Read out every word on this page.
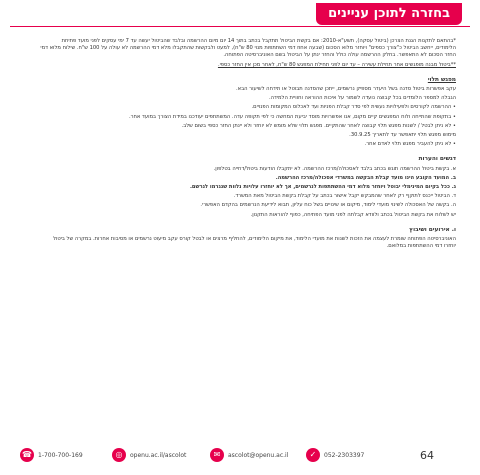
בחזרה לתוכן עניינים

*בהתאם לתקנות הגנת הצרכן (ביטול עסקה), תשע"א-2010: אם בקשת הביטול תתקבל בכתב בתוך 14 יום מיום ההרשמה ובלבד שהביטול יעשה עד 7 ימי עסקים לפני מועד פתיחת הלימודים, ייחשב הביטול כ"צורך כספים" ויוחזר מלוא הסכום (שבעה אחוז דמי השתתפות מנוי 80 ש"ח), למעט ולבקשות שהתקבלו מלא דמי ההרשמה לא עולה על 100 ש"ח. שילוח מלוא דמי החזר הסכום לא התאפשר. בחלק ההרשמה עולה כולל והחזר ינתן על הביטול בשם האוניברסיטה הפתוחה.

**ביטול מבנה מופגשים אחר תחילת עשירה – עד יום לפני תחילת המפגש 80 ש"ח, לאחר מכן אין החזר כספי.

מפגש תלוי

עקב אפשרות ביטול סדנה בשל היעדר מספיק נרשמים, ייתכן שהסדנה תבוטל או תידחה לשיעור הבא.

הגבלה למספר הלומדים בכל קבוצה נועדה לשמור על איכות ההוראה וחוויית הלמידה.

• ההרשמה לקורסים ולפעילויות נעשית לפי סדר קבלת הפניות ועד לאכלוס המקומות הפנויים.

• בתקופת שהתייחה ולוח המפגשים קיים מקום, אנו אפשרויות מוסד יביעת המחשה כי לפי תקופה עדה. המשתתפים יעודכנו במידת הצורך במועד אחר.

• לא ניתן לבטל / לשנות מפגש תלוי קבוצה לאחר שהתקיים. מפגש תלוי שלא מומש לא יוחזר ולא יינתן החזר כספי בשום שלב.

מימוש מפגש תלוי יתאפשר עד לתאריך 30.9.25.

• לא ניתן להעביר מפגש תלוי לאדם אחר.

דגשים והערות

א. בקשת ביטול ההרשמה תוגש בכתב בלבד לאסכולה/מרכז ההרשמה. לא יתקבלו הודעות ביטול/דחייה בטלפון.

ב. המועד הקובע הינו מועד קבלת הבקשה במשרדי אסכולה/מרכז ההרשמה.

ג. ככל בקיום המינימלי יבוטל ויוחזר מלוא דמי ההשתתפות לנרשמים, אך לא יוחזרו עלויות נלוות שנגרמו לנרשם.

ד. הביטול ייכנס לתוקף רק לאחר שהמבקש יקבל אישור בכתב על קבלת בקשת הביטול מאת המשרד.

ה. בקשה של האסכולה לשינוי מועדי לימוד, מיקום או שינויים בשל כוח עליון, תבוא לידיעת הנרשמים בהקדם האפשרי.

יש לשלוח את בקשת הביטול בכתב ולוודא קבלתה לפני מועד הפתיחה, כפוף להוראות התקנון.

ו. אירועים ושיבוץ

האוניברסיטה הפתוחה שומרת לעצמה את הזכות לשנות את מועדי הלימוד, את מיקום הלימודים, להחליף מרצים או לבטל קורס עקב מיעוט נרשמים או מסיבות אחרות. במקרה של ביטול יוחזרו דמי ההשתתפות במלואם.

☎	1-700-700-169	◎	openu.ac.il/ascolot	✉	ascolot@openu.ac.il	✓	052-2303397	64
